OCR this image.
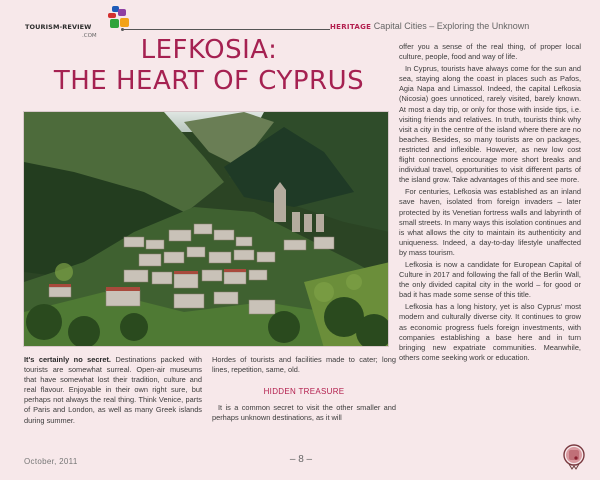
TOURISM-REVIEW
.COM
HERITAGE Capital Cities – Exploring the Unknown
LEFKOSIA:
THE HEART OF CYPRUS

It's certainly no secret. Destinations packed with tourists are somewhat surreal. Open-air museums that have somewhat lost their tradition, culture and real flavour. Enjoyable in their own right sure, but perhaps not always the real thing. Think Venice, parts of Paris and London, as well as many Greek islands during summer.

Hordes of tourists and facilities made to cater; long lines, repetition, same, old.

HIDDEN TREASURE

It is a common secret to visit the other smaller and perhaps unknown destinations, as it will

offer you a sense of the real thing, of proper local culture, people, food and way of life.

In Cyprus, tourists have always come for the sun and sea, staying along the coast in places such as Pafos, Agia Napa and Limassol. Indeed, the capital Lefkosia (Nicosia) goes unnoticed, rarely visited, barely known. At most a day trip, or only for those with inside tips, i.e. visiting friends and relatives. In truth, tourists think why visit a city in the centre of the island where there are no beaches. Besides, so many tourists are on packages, restricted and inflexible. However, as new low cost flight connections encourage more short breaks and individual travel, opportunities to visit different parts of the island grow. Take advantages of this and see more.

For centuries, Lefkosia was established as an inland save haven, isolated from foreign invaders – later protected by its Venetian fortress walls and labyrinth of small streets. In many ways this isolation continues and is what allows the city to maintain its authenticity and uniqueness. Indeed, a day-to-day lifestyle unaffected by mass tourism.

Lefkosia is now a candidate for European Capital of Culture in 2017 and following the fall of the Berlin Wall, the only divided capital city in the world – for good or bad it has made some sense of this title.

Lefkosia has a long history, yet is also Cyprus' most modern and culturally diverse city. It continues to grow as economic progress fuels foreign investments, with companies establishing a base here and in turn bringing new expatriate communities. Meanwhile, others come seeking work or education.

October, 2011	– 8 –
